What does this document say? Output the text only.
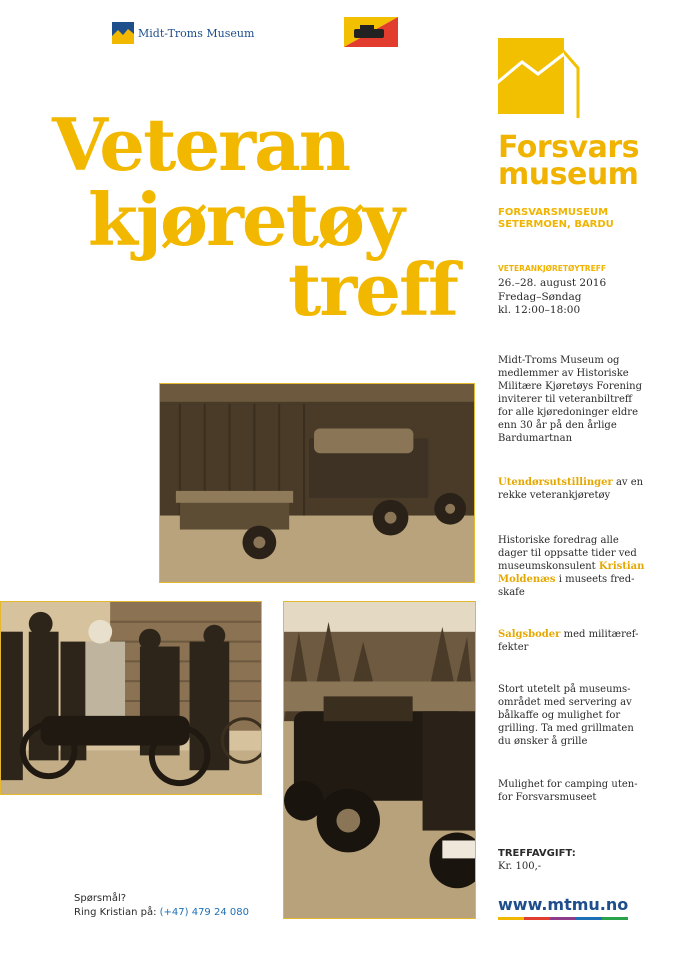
Midt-Troms Museum
Forsvars
museum
FORSVARSMUSEUM
SETERMOEN, BARDU
Veteran
kjøretøy
treff	VETERANKJØRETØYTREFF
26.–28. august 2016
Fredag–Søndag
kl. 12:00–18:00
Midt-Troms Museum og medlemmer av Historiske Militære Kjøretøys Forening inviterer til veteranbiltreff for alle kjøredoninger eldre enn 30 år på den årlige Bardumartnan
Utendørsutstillinger av en rekke veterankjøretøy
Historiske foredrag alle dager til oppsatte tider ved museumskonsulent Kristian Moldenæs i museets fred-skafe
Salgsboder med militæref-fekter
Stort utetelt på museums-området med servering av bålkaffe og mulighet for grilling. Ta med grillmaten du ønsker å grille
Mulighet for camping uten-for Forsvarsmuseet
TREFFAVGIFT:
Kr. 100,-
www.mtmu.no
Spørsmål?
Ring Kristian på: (+47) 479 24 080
